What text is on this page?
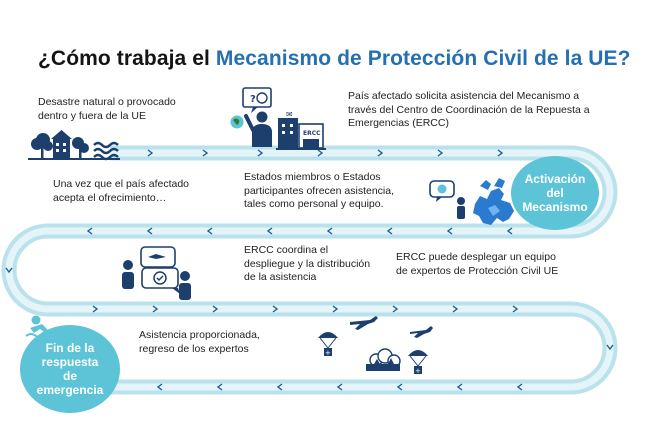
?
ERCC
✉
+
+
¿Cómo trabaja el Mecanismo de Protección Civil de la UE?
Desastre natural o provocado dentro y fuera de la UE
País afectado solicita asistencia del Mecanismo a través del Centro de Coordinación de la Repuesta a Emergencias (ERCC)
Una vez que el país afectado acepta el ofrecimiento…
Estados miembros o Estados participantes ofrecen asistencia, tales como personal y equipo.
ERCC coordina el despliegue y la distribución de la asistencia
ERCC puede desplegar un equipo de expertos de Protección Civil UE
Asistencia proporcionada, regreso de los expertos
Activación
del
Mecanismo
Fin de la
respuesta
de
emergencia
